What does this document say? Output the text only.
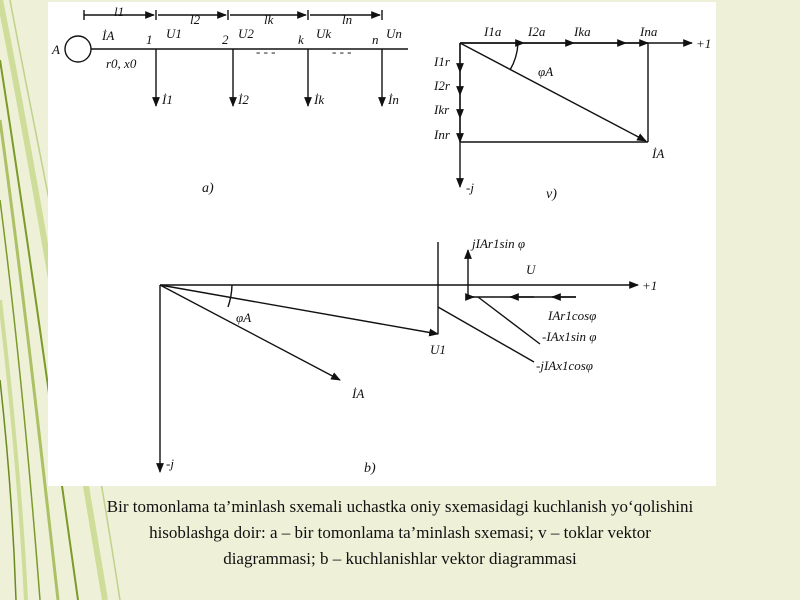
A
İA
r0, x0
l1
l2	lk	ln
1	2	k	n
U1	U2	Uk	Un
- - -	- - -
İ1	İ2	İk	İn
a)
I1a I2a Ika	Ina
+1
I1r
I2r
Ikr
Inr
φA
İA
-j	v)
jIAr1sin φ
U
+1
IAr1cosφ
-IAx1sin φ
-jIAx1cosφ
φA
U1
İA
-j	b)
Bir tomonlama ta’minlash sxemali uchastka oniy sxemasidagi kuchlanish yo‘qolishini
hisoblashga doir: a – bir tomonlama ta’minlash sxemasi; v – toklar vektor
diagrammasi; b – kuchlanishlar vektor diagrammasi
